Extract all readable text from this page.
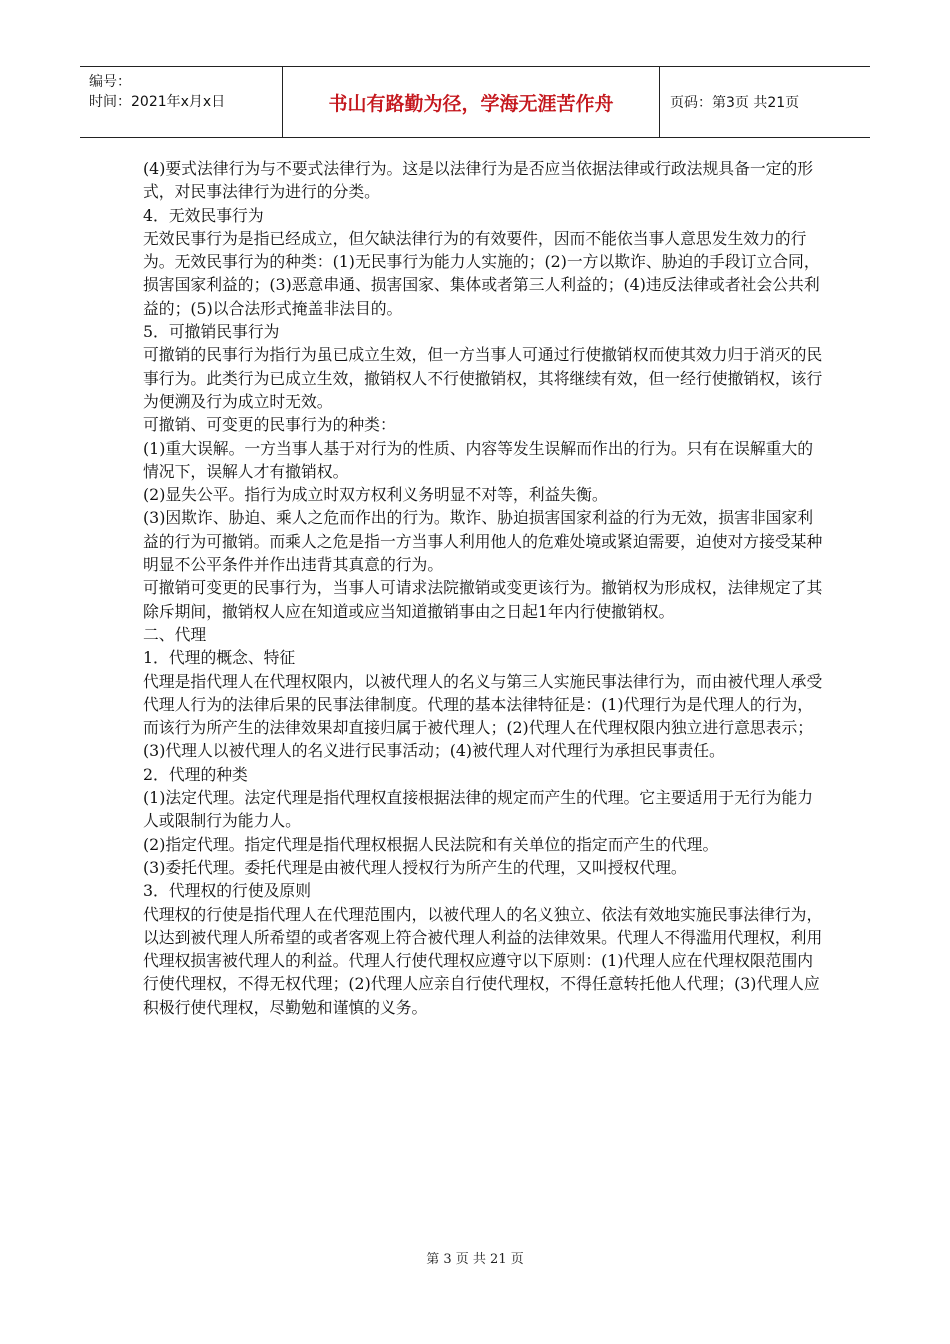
编号：
时间：2021年x月x日	书山有路勤为径，学海无涯苦作舟	页码：第3页 共21页

(4)要式法律行为与不要式法律行为。这是以法律行为是否应当依据法律或行政法规具备一定的形式，对民事法律行为进行的分类。

4．无效民事行为

无效民事行为是指已经成立，但欠缺法律行为的有效要件，因而不能依当事人意思发生效力的行为。无效民事行为的种类：(1)无民事行为能力人实施的；(2)一方以欺诈、胁迫的手段订立合同，损害国家利益的；(3)恶意串通、损害国家、集体或者第三人利益的；(4)违反法律或者社会公共利益的；(5)以合法形式掩盖非法目的。

5．可撤销民事行为

可撤销的民事行为指行为虽已成立生效，但一方当事人可通过行使撤销权而使其效力归于消灭的民事行为。此类行为已成立生效，撤销权人不行使撤销权，其将继续有效，但一经行使撤销权，该行为便溯及行为成立时无效。

可撤销、可变更的民事行为的种类：

(1)重大误解。一方当事人基于对行为的性质、内容等发生误解而作出的行为。只有在误解重大的情况下，误解人才有撤销权。

(2)显失公平。指行为成立时双方权利义务明显不对等，利益失衡。

(3)因欺诈、胁迫、乘人之危而作出的行为。欺诈、胁迫损害国家利益的行为无效，损害非国家利益的行为可撤销。而乘人之危是指一方当事人利用他人的危难处境或紧迫需要，迫使对方接受某种明显不公平条件并作出违背其真意的行为。

可撤销可变更的民事行为，当事人可请求法院撤销或变更该行为。撤销权为形成权，法律规定了其除斥期间，撤销权人应在知道或应当知道撤销事由之日起1年内行使撤销权。

二、代理

1．代理的概念、特征

代理是指代理人在代理权限内，以被代理人的名义与第三人实施民事法律行为，而由被代理人承受代理人行为的法律后果的民事法律制度。代理的基本法律特征是：(1)代理行为是代理人的行为，而该行为所产生的法律效果却直接归属于被代理人；(2)代理人在代理权限内独立进行意思表示；(3)代理人以被代理人的名义进行民事活动；(4)被代理人对代理行为承担民事责任。

2．代理的种类

(1)法定代理。法定代理是指代理权直接根据法律的规定而产生的代理。它主要适用于无行为能力人或限制行为能力人。

(2)指定代理。指定代理是指代理权根据人民法院和有关单位的指定而产生的代理。

(3)委托代理。委托代理是由被代理人授权行为所产生的代理，又叫授权代理。

3．代理权的行使及原则

代理权的行使是指代理人在代理范围内，以被代理人的名义独立、依法有效地实施民事法律行为，以达到被代理人所希望的或者客观上符合被代理人利益的法律效果。代理人不得滥用代理权，利用代理权损害被代理人的利益。代理人行使代理权应遵守以下原则：(1)代理人应在代理权限范围内行使代理权，不得无权代理；(2)代理人应亲自行使代理权，不得任意转托他人代理；(3)代理人应积极行使代理权，尽勤勉和谨慎的义务。

第 3 页 共 21 页
